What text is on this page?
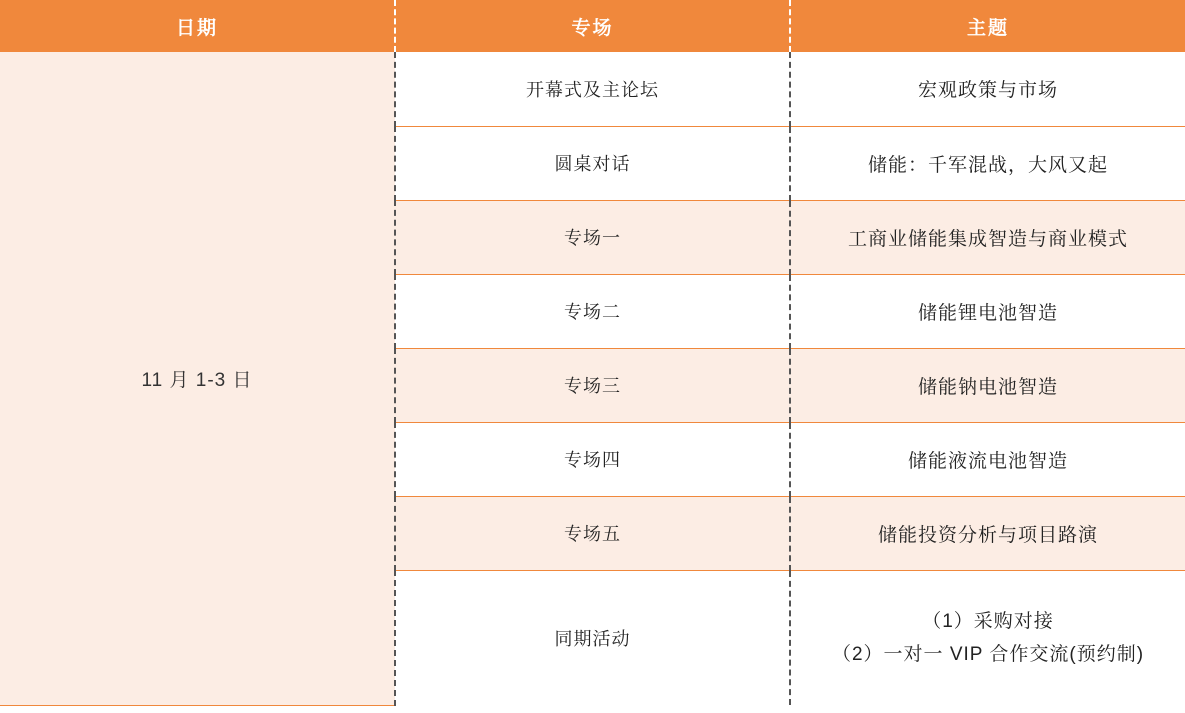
日期	专场	主题
11 月 1-3 日	开幕式及主论坛	宏观政策与市场
	圆桌对话	储能：千军混战，大风又起
	专场一	工商业储能集成智造与商业模式
	专场二	储能锂电池智造
	专场三	储能钠电池智造
	专场四	储能液流电池智造
	专场五	储能投资分析与项目路演
	同期活动	（1）采购对接
（2）一对一 VIP 合作交流(预约制)
